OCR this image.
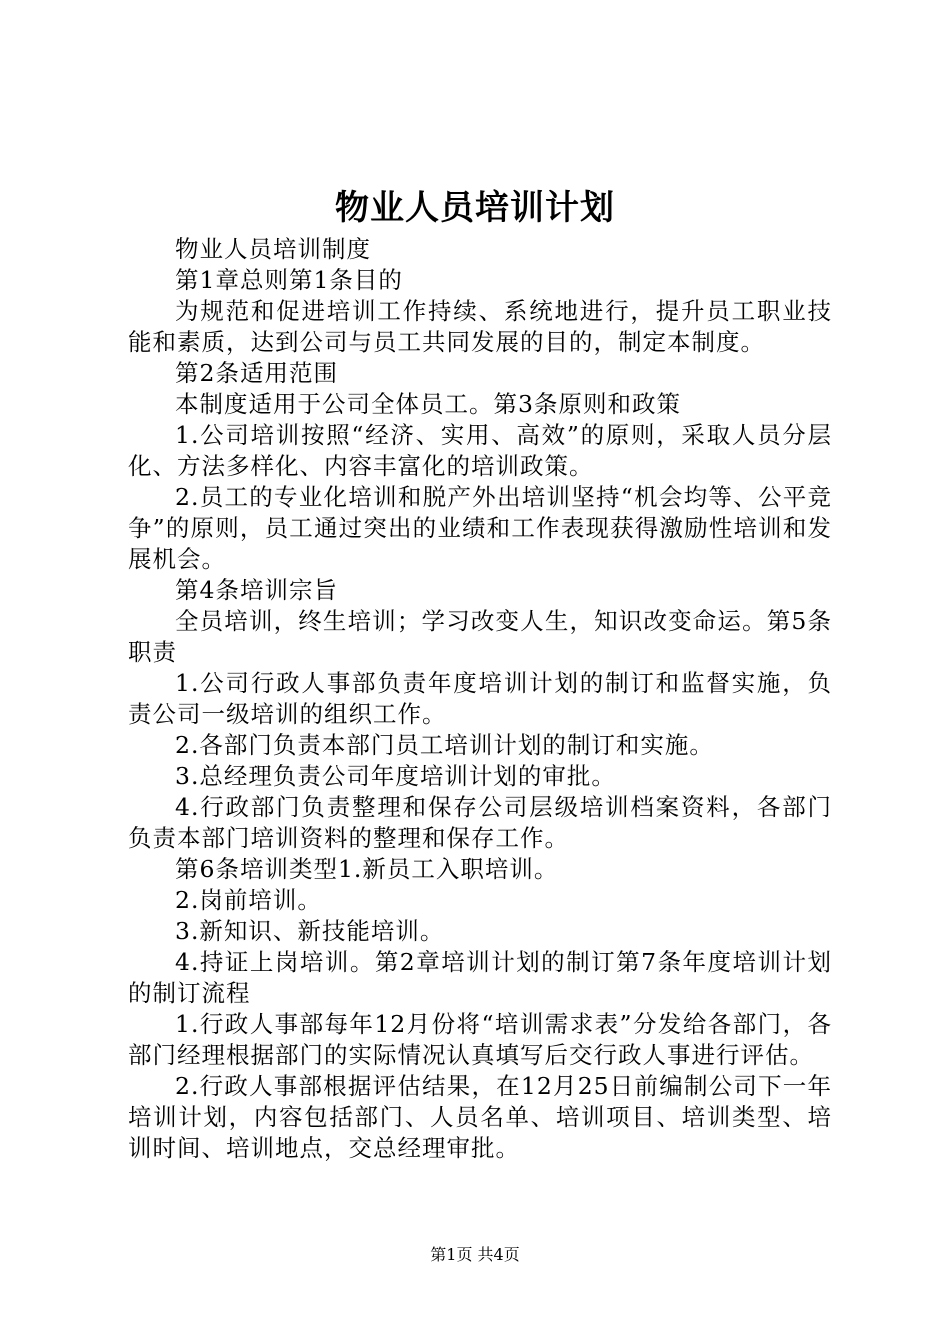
物业人员培训计划

物业人员培训制度

第1章总则第1条目的

为规范和促进培训工作持续、系统地进行，提升员工职业技能和素质，达到公司与员工共同发展的目的，制定本制度。

第2条适用范围

本制度适用于公司全体员工。第3条原则和政策

1.公司培训按照“经济、实用、高效”的原则，采取人员分层化、方法多样化、内容丰富化的培训政策。

2.员工的专业化培训和脱产外出培训坚持“机会均等、公平竞争”的原则，员工通过突出的业绩和工作表现获得激励性培训和发展机会。

第4条培训宗旨

全员培训，终生培训；学习改变人生，知识改变命运。第5条职责

1.公司行政人事部负责年度培训计划的制订和监督实施，负责公司一级培训的组织工作。

2.各部门负责本部门员工培训计划的制订和实施。

3.总经理负责公司年度培训计划的审批。

4.行政部门负责整理和保存公司层级培训档案资料，各部门负责本部门培训资料的整理和保存工作。

第6条培训类型1.新员工入职培训。

2.岗前培训。

3.新知识、新技能培训。

4.持证上岗培训。第2章培训计划的制订第7条年度培训计划的制订流程

1.行政人事部每年12月份将“培训需求表”分发给各部门，各部门经理根据部门的实际情况认真填写后交行政人事进行评估。

2.行政人事部根据评估结果，在12月25日前编制公司下一年培训计划，内容包括部门、人员名单、培训项目、培训类型、培训时间、培训地点，交总经理审批。

第1页 共4页
